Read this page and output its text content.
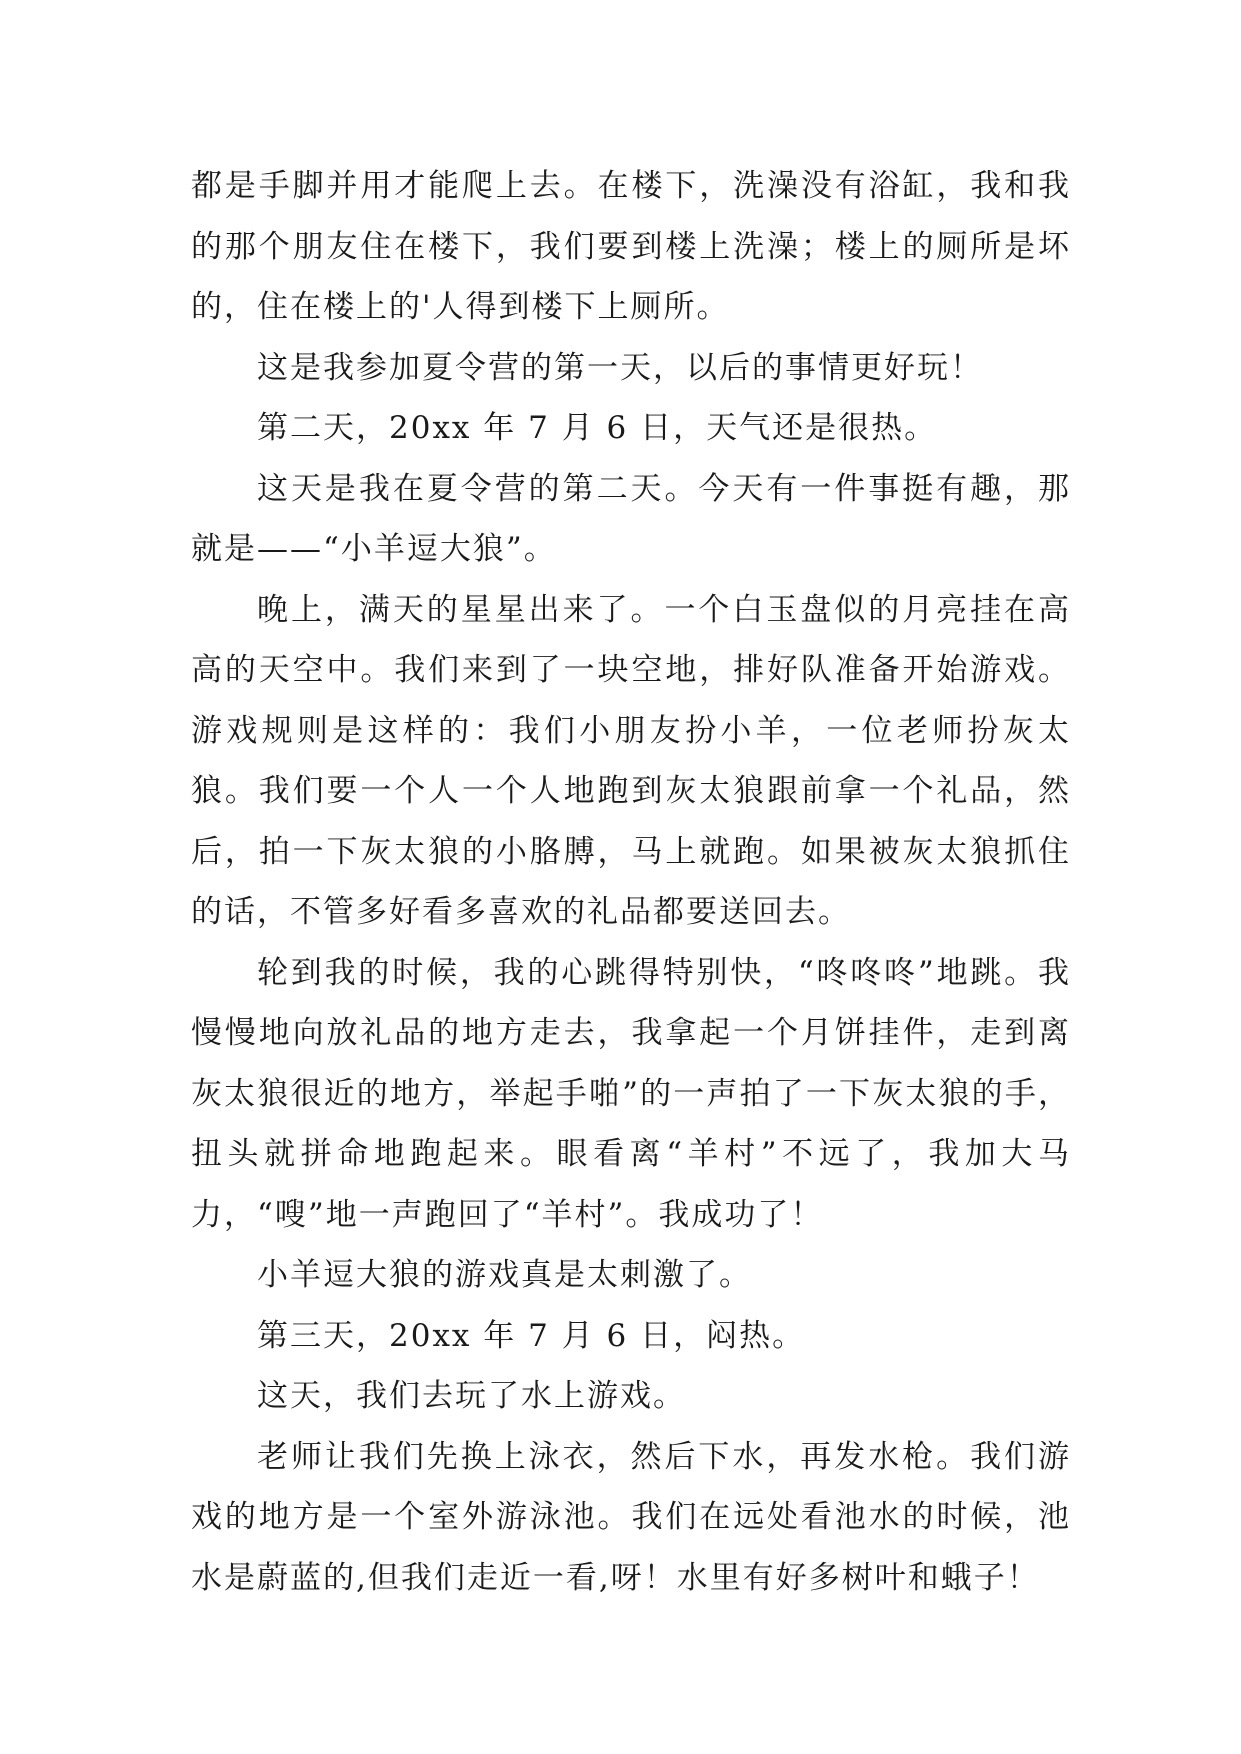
都是手脚并用才能爬上去。在楼下，洗澡没有浴缸，我和我的那个朋友住在楼下，我们要到楼上洗澡；楼上的厕所是坏的，住在楼上的'人得到楼下上厕所。

这是我参加夏令营的第一天，以后的事情更好玩！

第二天，20xx 年 7 月 6 日，天气还是很热。

这天是我在夏令营的第二天。今天有一件事挺有趣，那就是——“小羊逗大狼”。

晚上，满天的星星出来了。一个白玉盘似的月亮挂在高高的天空中。我们来到了一块空地，排好队准备开始游戏。游戏规则是这样的：我们小朋友扮小羊，一位老师扮灰太狼。我们要一个人一个人地跑到灰太狼跟前拿一个礼品，然后，拍一下灰太狼的小胳膊，马上就跑。如果被灰太狼抓住的话，不管多好看多喜欢的礼品都要送回去。

轮到我的时候，我的心跳得特别快，“咚咚咚”地跳。我慢慢地向放礼品的地方走去，我拿起一个月饼挂件，走到离灰太狼很近的地方，举起手啪”的一声拍了一下灰太狼的手，扭头就拼命地跑起来。眼看离“羊村”不远了，我加大马力，“嗖”地一声跑回了“羊村”。我成功了！

小羊逗大狼的游戏真是太刺激了。

第三天，20xx 年 7 月 6 日，闷热。

这天，我们去玩了水上游戏。

老师让我们先换上泳衣，然后下水，再发水枪。我们游戏的地方是一个室外游泳池。我们在远处看池水的时候，池水是蔚蓝的,但我们走近一看,呀！水里有好多树叶和蛾子！
